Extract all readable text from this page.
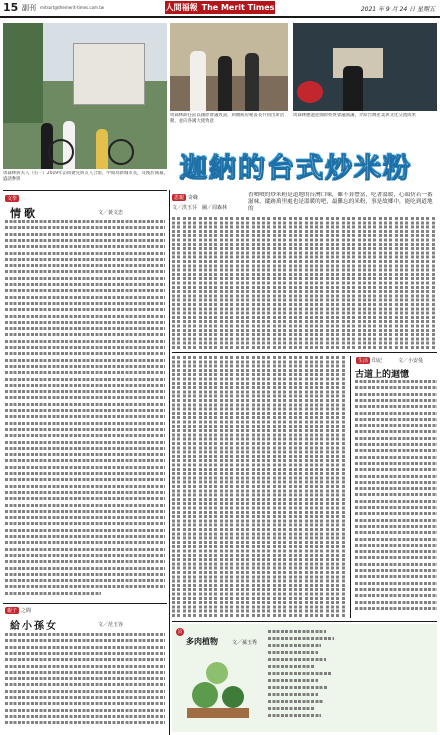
15 副刊 mitsort@themerit-times.com.tw	人間福報 The Merit Times	2021 年 9 月 24 日 星期五
周森林與夫人（右一）2019年訪問捷克與友人合影，中間為新城市長，及後於開幕，盛請參與
周森林卸任前以國際會議致詞，與總統府秘書長共同出席活動，並向各國大使致意
周森林應邀赴國際經貿會議演講，介紹台灣產業與文化交流成果
迦納的台式炒米粉
思親 奇緣
文／洪玉芬　圖／周森林
香噴噴的炒米粉是道地的台灣口味，雖不算豐富，吃著溫暖，心頭仿若一番滋味，縱跡萬里處也是溫暖的吧，最難忘的米粉，事是故鄉中，能吃到道地的
文學
情歌	文／黃文忠
親子 之間
給小孫女	文／范玉容
生活 印記	文／小安曼
古道上的迴憶
詩
多肉植物	文／孫玉秀
